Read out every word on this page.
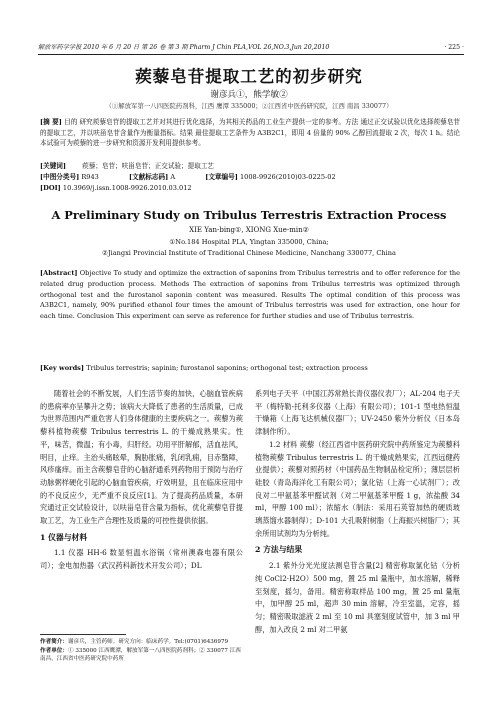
解放军药学学报 2010 年 6 月 20 日 第 26 卷 第 3 期 Pharm J Chin PLA,VOL 26,NO.3,Jun 20,2010	· 225 ·
蒺藜皂苷提取工艺的初步研究
谢彦兵①，熊学敏②
（①解放军第一八四医院药剂科，江西 鹰潭 335000；②江西省中医药研究院，江西 南昌 330077）
[摘 要] 目的 研究蒺藜皂苷的提取工艺并对其进行优化选择，为其相关药品的工业生产提供一定的参考。方法 通过正交试验以优化选择蒺藜皂苷的提取工艺，并以呋甾皂苷含量作为衡量指标。结果 最佳提取工艺条件为 A3B2C1，即用 4 倍量的 90% 乙醇回流提取 2 次，每次 1 h。结论 本试验可为蒺藜的进一步研究和资源开发利用提供参考。
[关键词] 蒺藜；皂苷；呋甾皂苷；正交试验；提取工艺
[中图分类号] R943	[文献标志码] A	[文章编号] 1008-9926(2010)03-0225-02
[DOI] 10.3969/j.issn.1008-9926.2010.03.012
A Preliminary Study on Tribulus Terrestris Extraction Process
XIE Yan-bing①, XIONG Xue-min②
①No.184 Hospital PLA, Yingtan 335000, China;
②Jiangxi Provincial Institute of Traditional Chinese Medicine, Nanchang 330077, China
[Abstract] Objective To study and optimize the extraction of saponins from Tribulus terrestris and to offer reference for the related drug production process. Methods The extraction of saponins from Tribulus terrestris was optimized through orthogonal test and the furostanol saponin content was measured. Results The optimal condition of this process was A3B2C1, namely, 90% purified ethanol four times the amount of Tribulus terrestris was used for extraction, one hour for each time. Conclusion This experiment can serve as reference for further studies and use of Tribulus terrestris.
[Key words] Tribulus terrestris; sapinin; furostanol saponins; orthogonal test; extraction process
随着社会的不断发展，人们生活节奏的加快，心脑血管疾病的患病率亦呈攀升之势；该病大大降低了患者的生活质量，已成为世界范围内严重危害人们身体健康的主要疾病之一。蒺藜为蒺藜科植物蒺藜 Tribulus terrestris L. 的干燥成熟果实。性平，味苦，微温；有小毒，归肝经。功用平肝解郁，活血祛风，明目，止痒。主治头痛眩晕，胸胁胀痛，乳闭乳痈，目赤翳障，风疹瘙痒。而主含蒺藜皂苷的心脑舒通系列药物用于预防与治疗动脉粥样硬化引起的心脑血管疾病，疗效明显，且在临床应用中的不良反应少，无严重不良反应[1]。为了提高药品质量，本研究通过正交试验设计，以呋甾皂苷含量为指标，优化蒺藜皂苷提取工艺，为工业生产合理性及质量的可控性提供依据。
1 仪器与材料
1.1 仪器 HH-6 数显恒温水浴锅（常州澳森电器有限公司）；金电加热器（武汉药科新技术开发公司）；DL
系列电子天平（中国江苏常熟长青仪器仪表厂）；AL-204 电子天平（梅特勒-托利多仪器（上海）有限公司）；101-1 型电热恒温干燥箱（上海飞达机械仪器厂）；UV-2450 紫外分析仪（日本岛津制作所）。
1.2 材料 蒺藜（经江西省中医药研究院中药所鉴定为蒺藜科植物蒺藜 Tribulus terrestris L. 的干燥成熟果实，江西远健药业提供）；蒺藜对照药材（中国药品生物制品检定所）；薄层层析硅胶（青岛海洋化工有限公司）；氯化钴（上海一心试剂厂）；改良对二甲氨基苯甲醛试剂（对二甲氨基苯甲醛 1 g，浓盐酸 34 ml，甲醇 100 ml）；浓缩水（制法：采用石英管加热的硬质玻璃蒸馏水器制得）；D-101 大孔吸附树脂（上海振兴树脂厂）；其余所用试剂均为分析纯。
2 方法与结果
2.1 紫外分光光度法测皂苷含量[2] 精密称取氯化钴（分析纯 CoCl2·H2O）500 mg，置 25 ml 量瓶中，加水溶解，稀释至刻度，摇匀，备用。精密称取样品 100 mg，置 25 ml 量瓶中，加甲醇 25 ml，超声 30 min 溶解，冷至室温，定容，摇匀；精密吸取滤液 2 ml 至 10 ml 具塞刻度试管中，加 3 ml 甲醇，加入改良 2 ml 对二甲氨
作者简介：谢彦兵，主管药师。研究方向：临床药学。Tel:(0701)6436979
作者单位：① 335000 江西鹰潭，解放军第一八四医院药剂科；② 330077 江西南昌，江西省中医药研究院中药所
